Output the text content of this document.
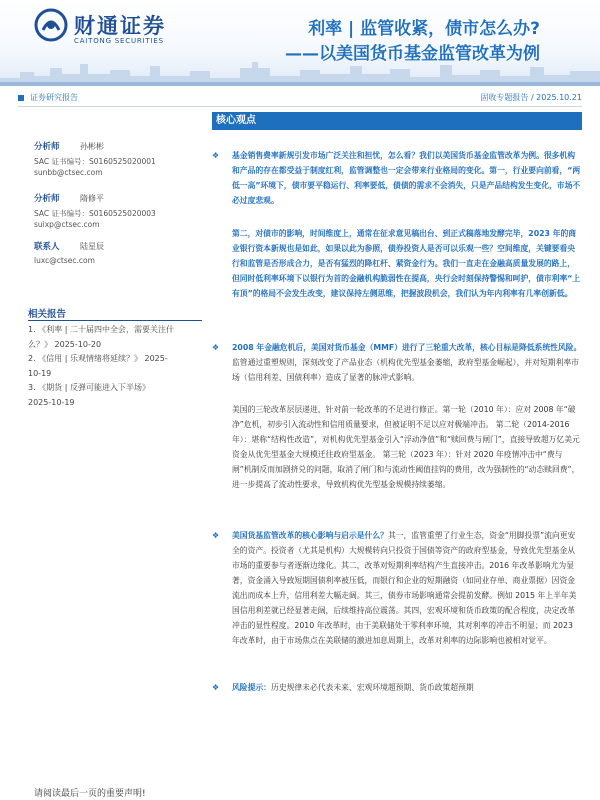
财通证券
CAITONG SECURITIES
利率 | 监管收紧，债市怎么办?
——以美国货币基金监管改革为例
证券研究报告	固收专题报告 / 2025.10.21
分析师	孙彬彬
SAC 证书编号：S0160525020001
sunbb@ctsec.com
分析师	隋修平
SAC 证书编号：S0160525020003
suixp@ctsec.com
联系人	陆星辰
luxc@ctsec.com
相关报告
1. 《利率 | 二十届四中全会，需要关注什
么？》 2025-10-20
2. 《信用 | 乐观情绪将延续？》 2025-
10-19
3. 《期货 | 反弹可能进入下半场》
2025-10-19
核心观点
❖ 基金销售费率新规引发市场广泛关注和担忧，怎么看？我们以美国货币基金监管改革为例。很多机构和产品的存在都受益于制度红利，监管调整也一定会带来行业格局的变化。第一，行业要向前看，“两低一高”环境下，债市要平稳运行、利率要低，债债的需求不会消失，只是产品结构发生变化，市场不必过度悲观。
第二，对债市的影响，时间维度上，通常在征求意见稿出台、到正式稿落地发酵完毕，2023 年的商业银行资本新规也是如此，如果以此为参照，债券投资人是否可以乐观一些？空间维度，关键要看央行和监管是否形成合力，是否有猛烈的降杠杆、紧资金行为。我们一直走在金融高质量发展的路上，但同时低利率环境下以银行为首的金融机构脆弱性在提高，央行会时刻保持警惕和呵护，债市利率“上有顶”的格局不会发生改变，建议保持左侧思维，把握波段机会，我们认为年内利率有几率创新低。
❖ 2008 年金融危机后，美国对货币基金（MMF）进行了三轮重大改革，核心目标是降低系统性风险。监管通过重塑规则，深刻改变了产品业态（机构优先型基金萎缩，政府型基金崛起），并对短期利率市场（信用利差、国债利率）造成了显著的脉冲式影响。
美国的三轮改革层层递进，针对前一轮改革的不足进行修正。第一轮（2010 年）：应对 2008 年“破净”危机，初步引入流动性和信用质量要求，但被证明不足以应对极端冲击。 第二轮（2014-2016 年）：堪称“结构性改造”，对机构优先型基金引入“浮动净值”和“赎回费与闸门”，直接导致超万亿美元资金从优先型基金大规模迁往政府型基金。 第三轮（2023 年）：针对 2020 年疫情冲击中“费与闸”机制反而加剧挤兑的问题，取消了闸门和与流动性阈值挂钩的费用，改为强制性的“动态赎回费”，进一步提高了流动性要求，导致机构优先型基金规模持续萎缩。
❖ 美国货基监管改革的核心影响与启示是什么？其一，监管重塑了行业生态，资金“用脚投票”流向更安全的资产。投资者（尤其是机构）大规模转向只投资于国债等资产的政府型基金，导致优先型基金从市场的重要参与者逐渐边缘化。其二，改革对短期利率结构产生直接冲击。2016 年改革影响尤为显著，资金涌入导致短期国债利率被压低，而银行和企业的短期融资（如同业存单、商业票据）因资金流出而成本上升，信用利差大幅走阔。其三，债券市场影响通常会提前发酵。例如 2015 年上半年美国信用利差就已经显著走阔，后续维持高位震荡。其四，宏观环境和货币政策的配合程度，决定改革冲击的显性程度。2010 年改革时，由于美联储处于零利率环境，其对利率的冲击不明显；而 2023 年改革时，由于市场焦点在美联储的激进加息周期上，改革对利率的边际影响也被相对觉平。
❖ 风险提示：历史规律未必代表未来、宏观环境超预期、货币政策超预期
请阅读最后一页的重要声明!
